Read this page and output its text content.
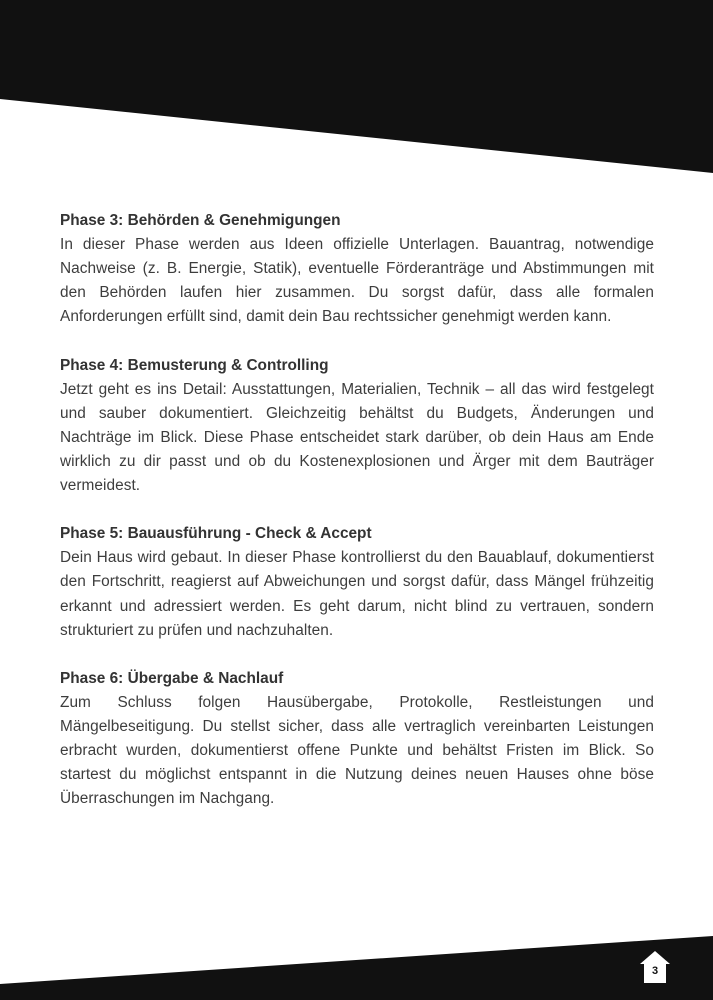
Phase 3: Behörden & Genehmigungen

In dieser Phase werden aus Ideen offizielle Unterlagen. Bauantrag, notwendige Nachweise (z. B. Energie, Statik), eventuelle Förderanträge und Abstimmungen mit den Behörden laufen hier zusammen. Du sorgst dafür, dass alle formalen Anforderungen erfüllt sind, damit dein Bau rechtssicher genehmigt werden kann.

Phase 4: Bemusterung & Controlling

Jetzt geht es ins Detail: Ausstattungen, Materialien, Technik – all das wird festgelegt und sauber dokumentiert. Gleichzeitig behältst du Budgets, Änderungen und Nachträge im Blick. Diese Phase entscheidet stark darüber, ob dein Haus am Ende wirklich zu dir passt und ob du Kostenexplosionen und Ärger mit dem Bauträger vermeidest.

Phase 5: Bauausführung - Check & Accept

Dein Haus wird gebaut. In dieser Phase kontrollierst du den Bauablauf, dokumentierst den Fortschritt, reagierst auf Abweichungen und sorgst dafür, dass Mängel frühzeitig erkannt und adressiert werden. Es geht darum, nicht blind zu vertrauen, sondern strukturiert zu prüfen und nachzuhalten.

Phase 6: Übergabe & Nachlauf

Zum Schluss folgen Hausübergabe, Protokolle, Restleistungen und Mängelbeseitigung. Du stellst sicher, dass alle vertraglich vereinbarten Leistungen erbracht wurden, dokumentierst offene Punkte und behältst Fristen im Blick. So startest du möglichst entspannt in die Nutzung deines neuen Hauses ohne böse Überraschungen im Nachgang.

3
